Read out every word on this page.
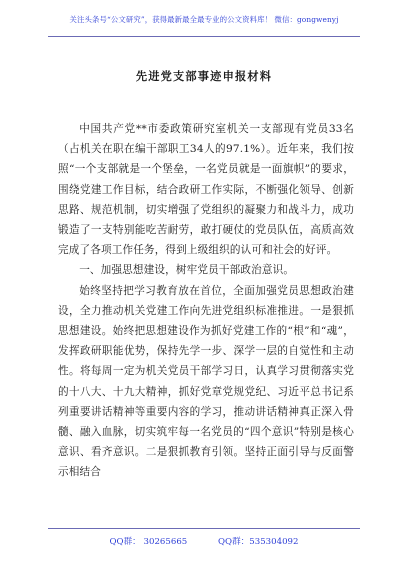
关注头条号“公文研究”，获得最新最全最专业的公文资料库！ 微信：gongwenyj
先进党支部事迹申报材料

中国共产党**市委政策研究室机关一支部现有党员33名（占机关在职在编干部职工34人的97.1%）。近年来，我们按照“一个支部就是一个堡垒，一名党员就是一面旗帜”的要求，围绕党建工作目标，结合政研工作实际，不断强化领导、创新思路、规范机制，切实增强了党组织的凝聚力和战斗力，成功锻造了一支特别能吃苦耐劳，敢打硬仗的党员队伍，高质高效完成了各项工作任务，得到上级组织的认可和社会的好评。

一、加强思想建设，树牢党员干部政治意识。

始终坚持把学习教育放在首位，全面加强党员思想政治建设，全力推动机关党建工作向先进党组织标准推进。一是狠抓思想建设。始终把思想建设作为抓好党建工作的“根”和“魂”，发挥政研职能优势，保持先学一步、深学一层的自觉性和主动性。将每周一定为机关党员干部学习日，认真学习贯彻落实党的十八大、十九大精神，抓好党章党规党纪、习近平总书记系列重要讲话精神等重要内容的学习，推动讲话精神真正深入骨髓、融入血脉，切实筑牢每一名党员的“四个意识”特别是核心意识、看齐意识。二是狠抓教育引领。坚持正面引导与反面警示相结合

QQ群： 30265665	QQ群：535304092
